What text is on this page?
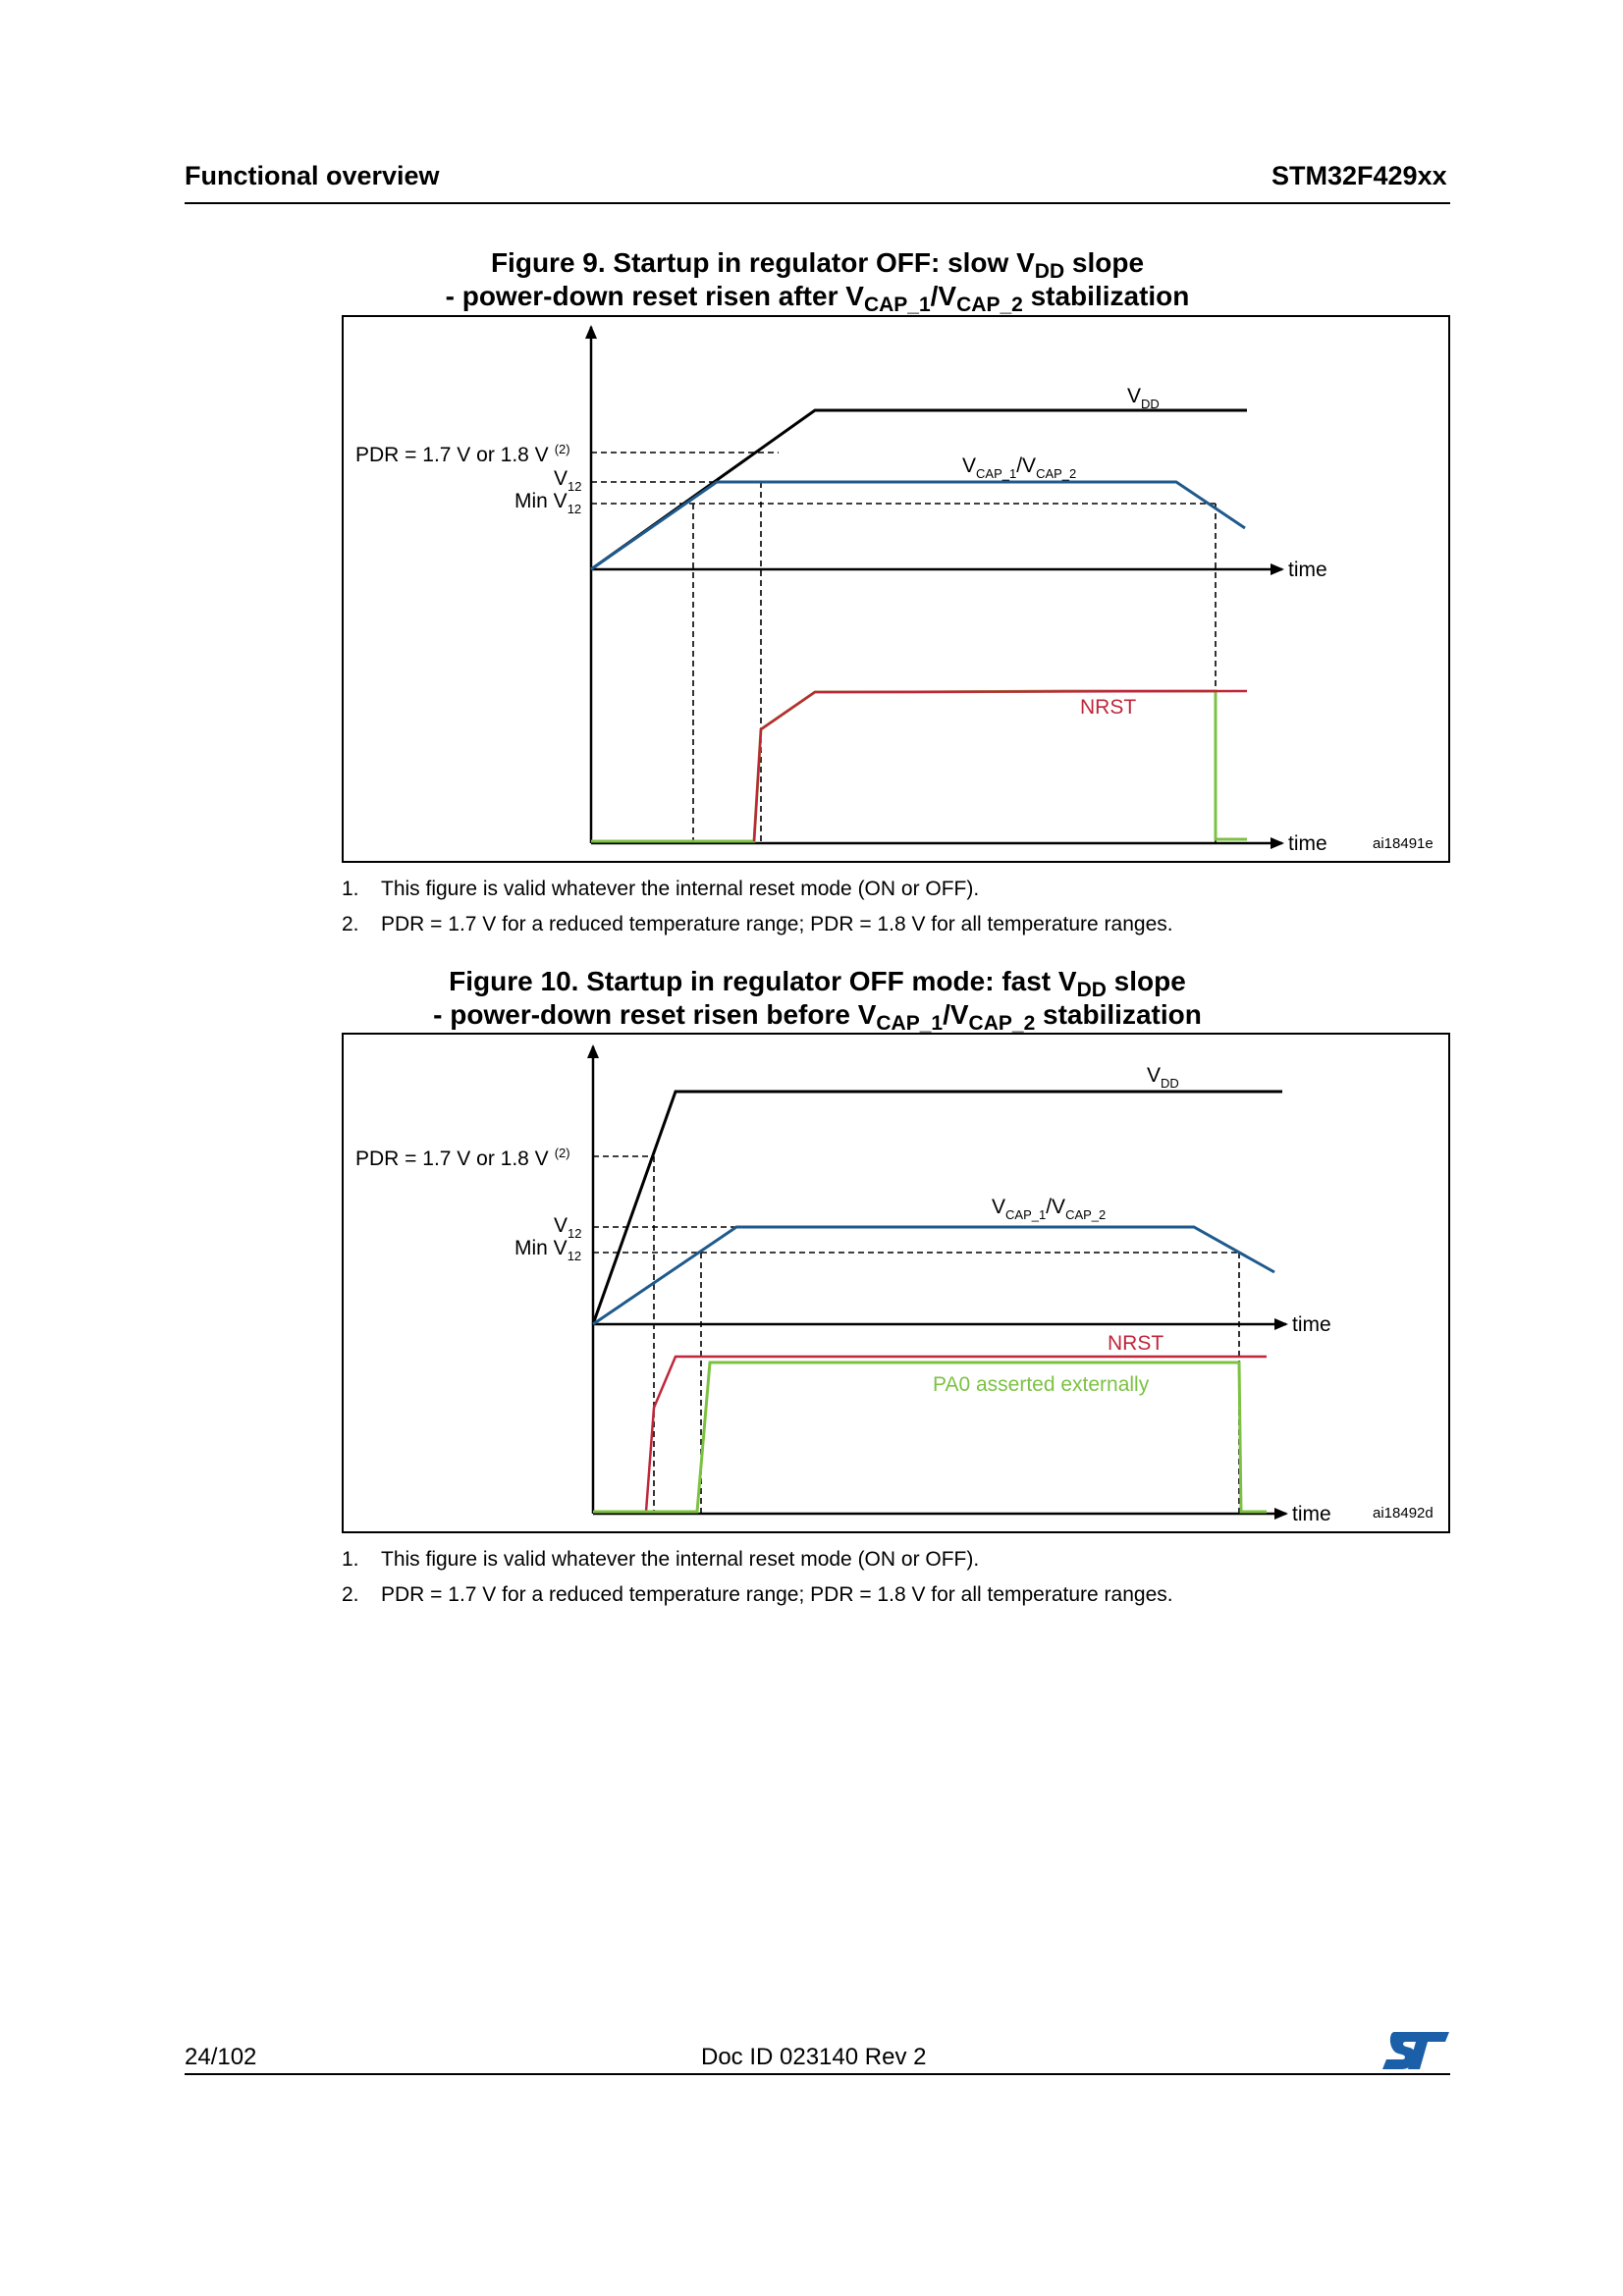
Functional overview	STM32F429xx
Figure 9. Startup in regulator OFF: slow $V_{DD}$ slope
- power-down reset risen after $V_{CAP\_1}/V_{CAP\_2}$ stabilization
PDR = 1.7 V or 1.8 V $^{(2)}$
$V_{12}$
Min $V_{12}$
$V_{DD}$
$V_{CAP\_1}/V_{CAP\_2}$
time
time
NRST
ai18491e
1. This figure is valid whatever the internal reset mode (ON or OFF).
2. PDR = 1.7 V for a reduced temperature range; PDR = 1.8 V for all temperature ranges.
Figure 10. Startup in regulator OFF mode: fast $V_{DD}$ slope
- power-down reset risen before $V_{CAP\_1}/V_{CAP\_2}$ stabilization
PDR = 1.7 V or 1.8 V $^{(2)}$
$V_{12}$
Min $V_{12}$
$V_{DD}$
$V_{CAP\_1}/V_{CAP\_2}$
time
time
NRST
PA0 asserted externally
ai18492d
1. This figure is valid whatever the internal reset mode (ON or OFF).
2. PDR = 1.7 V for a reduced temperature range; PDR = 1.8 V for all temperature ranges.
24/102	Doc ID 023140 Rev 2
